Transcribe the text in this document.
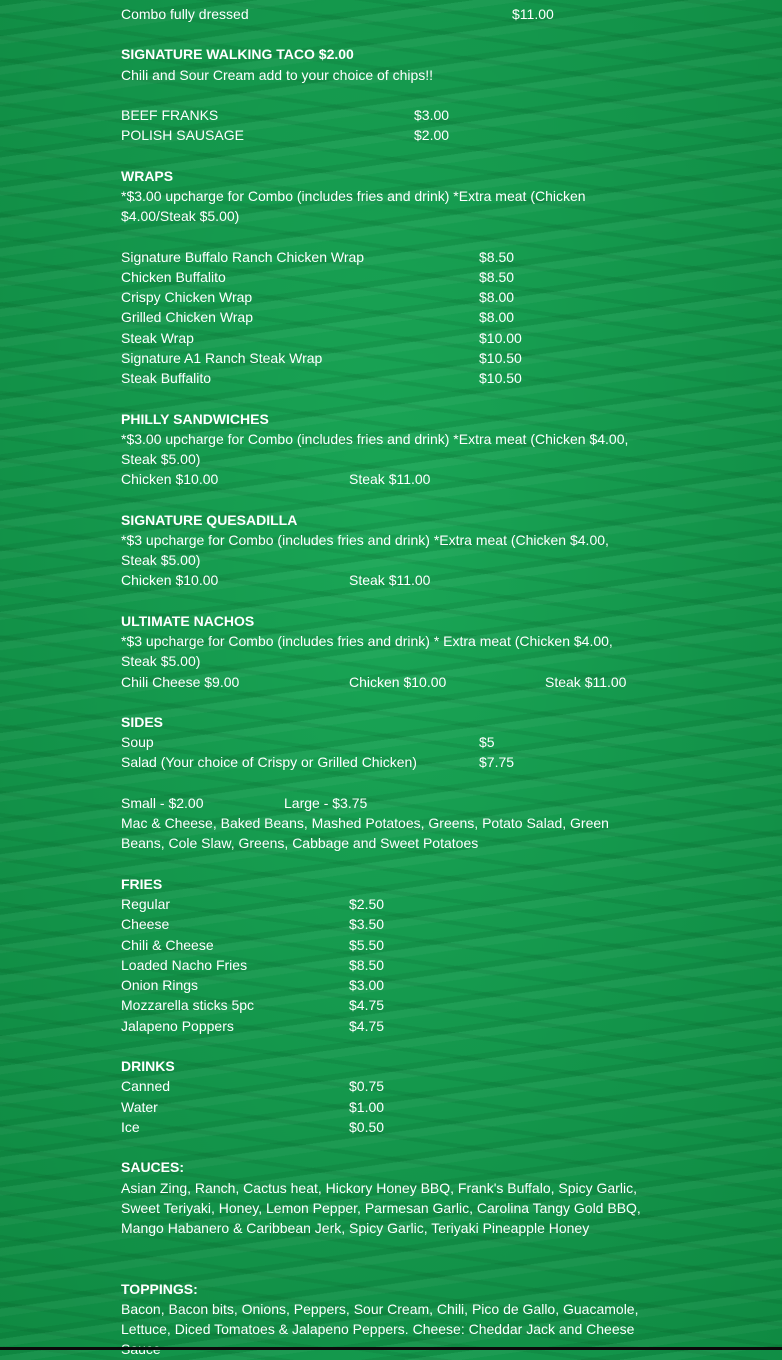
Combo fully dressed	$11.00
SIGNATURE WALKING TACO $2.00
Chili and Sour Cream add to your choice of chips!!
BEEF FRANKS	$3.00
POLISH SAUSAGE	$2.00
WRAPS
*$3.00 upcharge for Combo (includes fries and drink) *Extra meat (Chicken $4.00/Steak $5.00)
Signature Buffalo Ranch Chicken Wrap	$8.50
Chicken Buffalito	$8.50
Crispy Chicken Wrap	$8.00
Grilled Chicken Wrap	$8.00
Steak Wrap	$10.00
Signature A1 Ranch Steak Wrap	$10.50
Steak Buffalito	$10.50
PHILLY SANDWICHES
*$3.00 upcharge for Combo (includes fries and drink) *Extra meat (Chicken $4.00, Steak $5.00)
Chicken $10.00	Steak $11.00
SIGNATURE QUESADILLA
*$3 upcharge for Combo (includes fries and drink) *Extra meat (Chicken $4.00, Steak $5.00)
Chicken $10.00	Steak $11.00
ULTIMATE NACHOS
*$3 upcharge for Combo (includes fries and drink) * Extra meat (Chicken $4.00, Steak $5.00)
Chili Cheese $9.00	Chicken $10.00	Steak $11.00
SIDES
Soup	$5
Salad (Your choice of Crispy or Grilled Chicken)	$7.75
Small - $2.00	Large - $3.75
Mac & Cheese, Baked Beans, Mashed Potatoes, Greens, Potato Salad, Green Beans, Cole Slaw, Greens, Cabbage and Sweet Potatoes
FRIES
Regular	$2.50
Cheese	$3.50
Chili & Cheese	$5.50
Loaded Nacho Fries	$8.50
Onion Rings	$3.00
Mozzarella sticks 5pc	$4.75
Jalapeno Poppers	$4.75
DRINKS
Canned	$0.75
Water	$1.00
Ice	$0.50
SAUCES:
Asian Zing, Ranch, Cactus heat, Hickory Honey BBQ, Frank's Buffalo, Spicy Garlic, Sweet Teriyaki, Honey, Lemon Pepper, Parmesan Garlic, Carolina Tangy Gold BBQ, Mango Habanero & Caribbean Jerk, Spicy Garlic, Teriyaki Pineapple Honey
TOPPINGS:
Bacon, Bacon bits, Onions, Peppers, Sour Cream, Chili, Pico de Gallo, Guacamole, Lettuce, Diced Tomatoes & Jalapeno Peppers. Cheese: Cheddar Jack and Cheese
